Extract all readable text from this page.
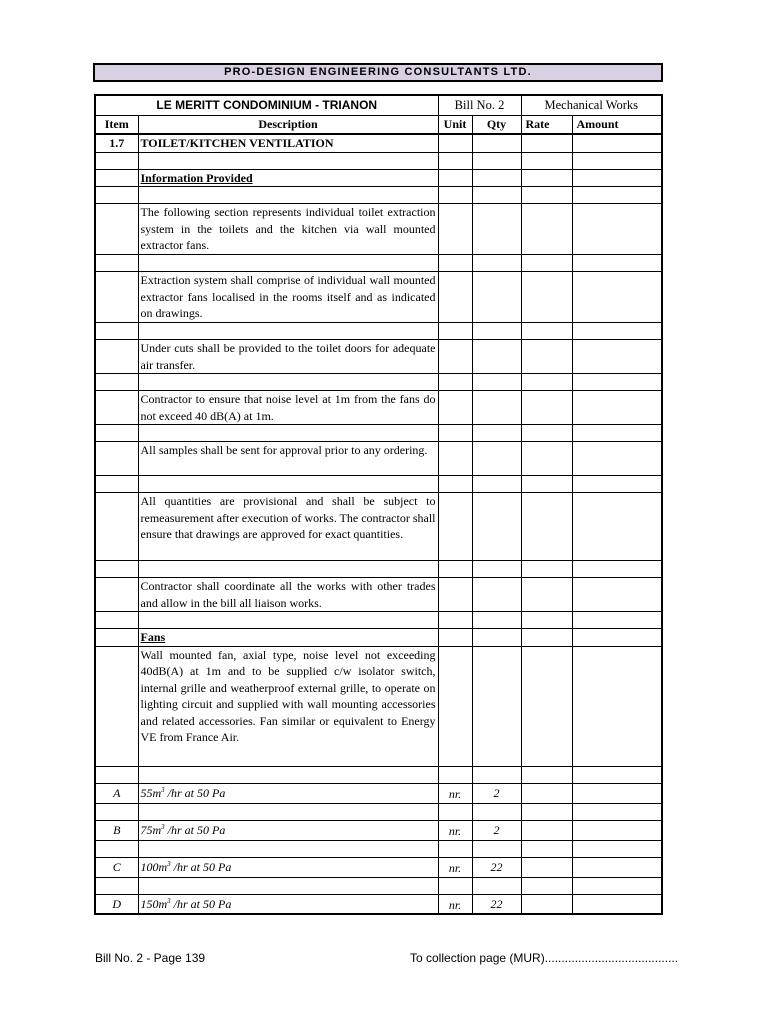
PRO-DESIGN ENGINEERING CONSULTANTS LTD.
LE MERITT CONDOMINIUM - TRIANON		Bill No. 2		Mechanical Works	
Item	Description	Unit	Qty	Rate	Amount
1.7	TOILET/KITCHEN VENTILATION				

	Information Provided				

	The following section represents individual toilet extraction system in the toilets and the kitchen via wall mounted extractor fans.				

	Extraction system shall comprise of individual wall mounted extractor fans localised in the rooms itself and as indicated on drawings.				

	Under cuts shall be provided to the toilet doors for adequate air transfer.				

	Contractor to ensure that noise level at 1m from the fans do not exceed 40 dB(A) at 1m.				

	All samples shall be sent for approval prior to any ordering.				

	All quantities are provisional and shall be subject to remeasurement after execution of works. The contractor shall ensure that drawings are approved for exact quantities.				

	Contractor shall coordinate all the works with other trades and allow in the bill all liaison works.				

	Fans				

	Wall mounted fan, axial type, noise level not exceeding 40dB(A) at 1m and to be supplied c/w isolator switch, internal grille and weatherproof external grille, to operate on lighting circuit and supplied with wall mounting accessories and related accessories. Fan similar or equivalent to Energy VE from France Air.				

A	$55m^3$ /hr at 50 Pa	nr.	2		

B	$75m^3$ /hr at 50 Pa	nr.	2		

C	$100m^3$ /hr at 50 Pa	nr.	22		

D	$150m^3$ /hr at 50 Pa	nr.	22		
Bill No. 2 - Page 139	To collection page (MUR)........................................
